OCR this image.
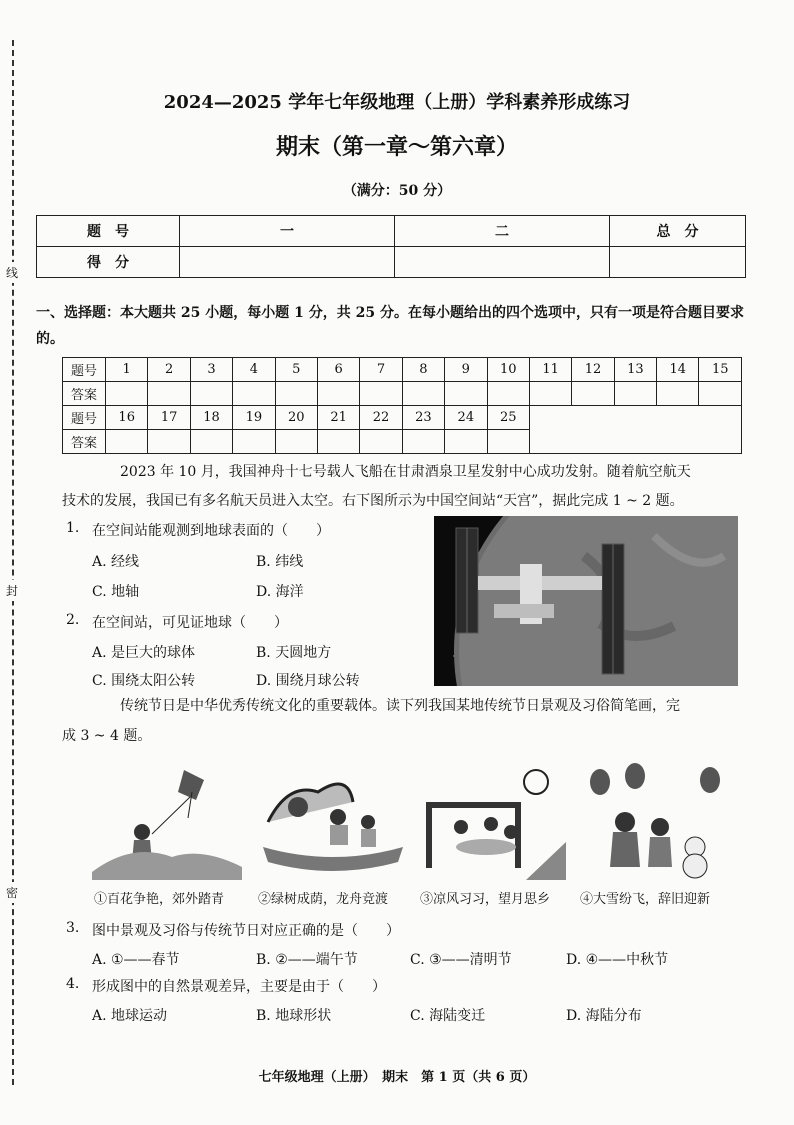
线
封
密
2024—2025 学年七年级地理（上册）学科素养形成练习
期末（第一章～第六章）
（满分：50 分）
题　号	一	二	总　分
得　分			
一、选择题：本大题共 25 小题，每小题 1 分，共 25 分。在每小题给出的四个选项中，只有一项是符合题目要求的。
题号	1	2	3	4	5	6	7	8	9	10	11	12	13	14	15
答案															
题号	16	17	18	19	20	21	22	23	24	25					
答案															
2023 年 10 月，我国神舟十七号载人飞船在甘肃酒泉卫星发射中心成功发射。随着航空航天
技术的发展，我国已有多名航天员进入太空。右下图所示为中国空间站“天宫”，据此完成 1 ~ 2 题。
1. 在空间站能观测到地球表面的（　　）
A. 经线	B. 纬线
C. 地轴	D. 海洋
2. 在空间站，可见证地球（　　）
A. 是巨大的球体	B. 天圆地方
C. 围绕太阳公转	D. 围绕月球公转
传统节日是中华优秀传统文化的重要载体。读下列我国某地传统节日景观及习俗简笔画，完
成 3 ~ 4 题。
①百花争艳，郊外踏青	②绿树成荫，龙舟竞渡 ③凉风习习，望月思乡 ④大雪纷飞，辞旧迎新
3. 图中景观及习俗与传统节日对应正确的是（　　）
A. ①——春节	B. ②——端午节	C. ③——清明节	D. ④——中秋节
4. 形成图中的自然景观差异，主要是由于（　　）
A. 地球运动	B. 地球形状	C. 海陆变迁	D. 海陆分布
七年级地理（上册）　期末　第 1 页（共 6 页）
